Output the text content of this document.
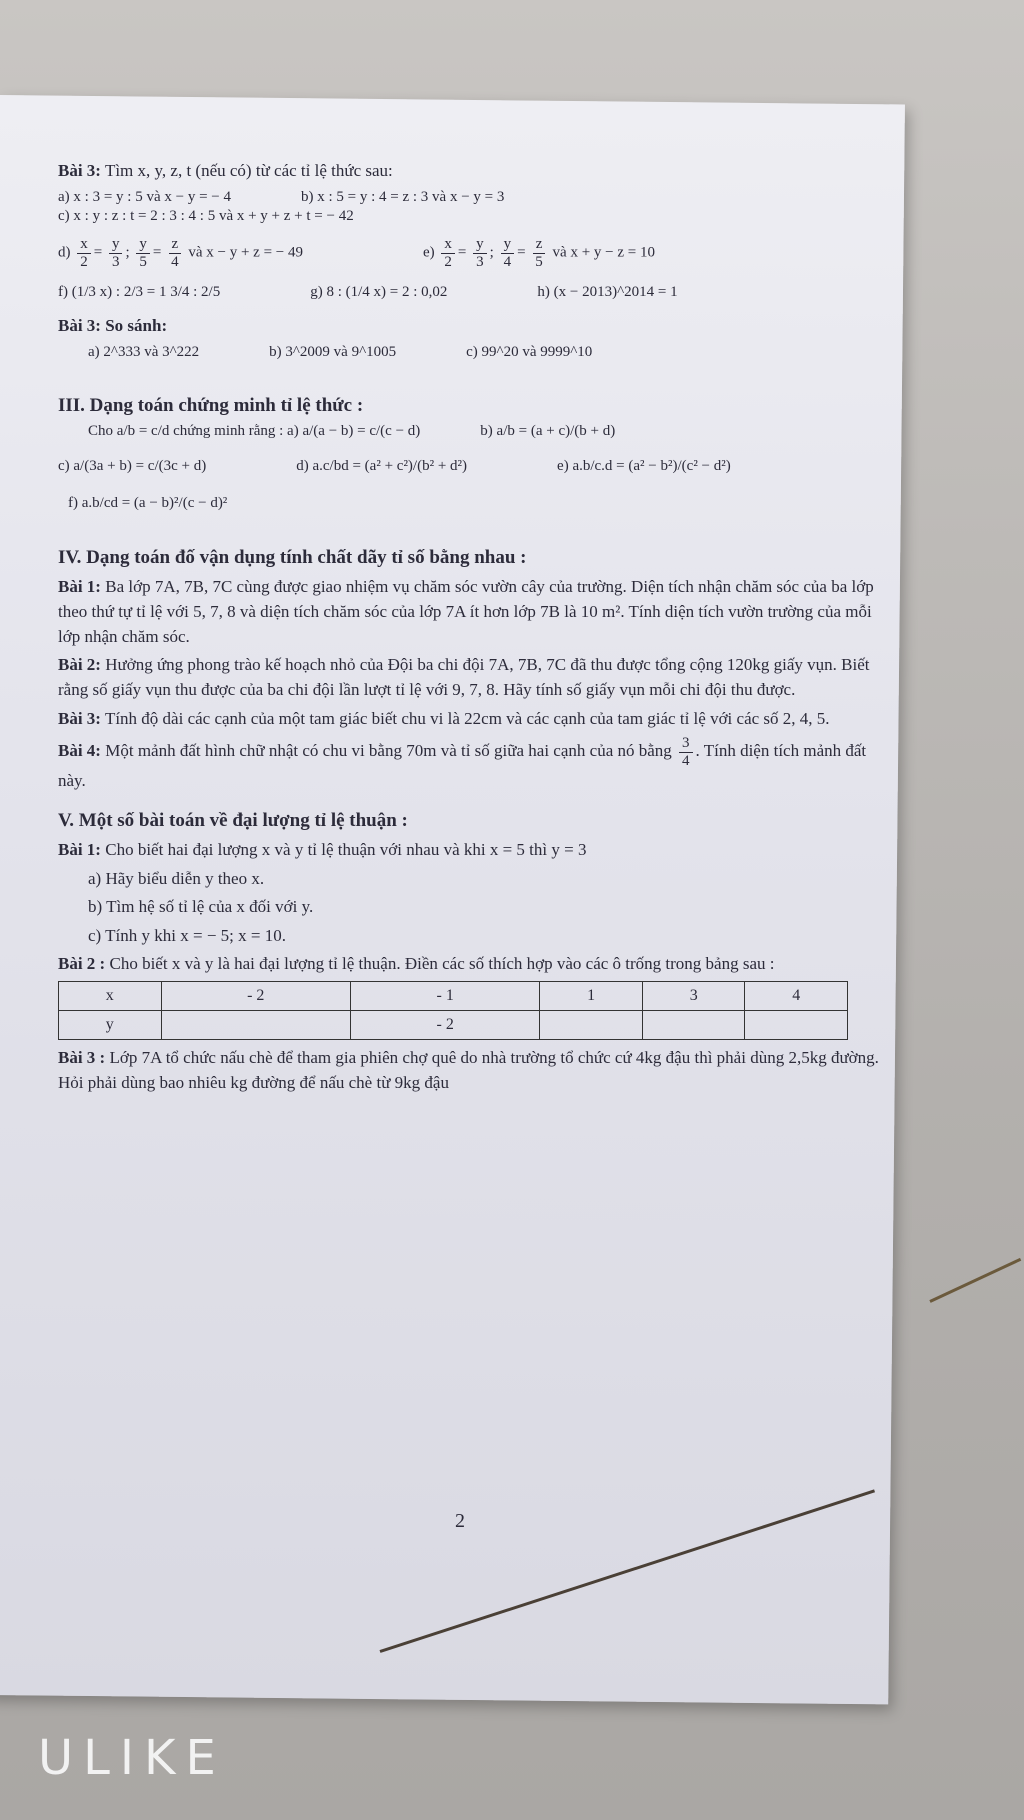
Bài 3: Tìm x, y, z, t (nếu có) từ các tỉ lệ thức sau:

a) x : 3 = y : 5 và x − y = − 4	b) x : 5 = y : 4 = z : 3 và x − y = 3

c) x : y : z : t = 2 : 3 : 4 : 5 và x + y + z + t = − 42

$d) \frac{x}{2} = \frac{y}{3}$ ; $\frac{y}{5} = \frac{z}{4}$ và x − y + z = − 49	$e) \frac{x}{2} = \frac{y}{3}$ ; $\frac{y}{4} = \frac{z}{5}$ và x + y − z = 10
f) (1/3 x) : 2/3 = 1 3/4 : 2/5	g) 8 : (1/4 x) = 2 : 0,02	h) (x − 2013)^2014 = 1

Bài 3: So sánh:

a) 2^333 và 3^222	b) 3^2009 và 9^1005	c) 99^20 và 9999^10

III. Dạng toán chứng minh tỉ lệ thức :

Cho a/b = c/d chứng minh rằng : a) a/(a − b) = c/(c − d)	b) a/b = (a + c)/(b + d)
c) a/(3a + b) = c/(3c + d)	d) a.c/bd = (a² + c²)/(b² + d²)	e) a.b/c.d = (a² − b²)/(c² − d²)

f) a.b/cd = (a − b)²/(c − d)²

IV. Dạng toán đố vận dụng tính chất dãy tỉ số bằng nhau :

Bài 1: Ba lớp 7A, 7B, 7C cùng được giao nhiệm vụ chăm sóc vườn cây của trường. Diện tích nhận chăm sóc của ba lớp theo thứ tự tỉ lệ với 5, 7, 8 và diện tích chăm sóc của lớp 7A ít hơn lớp 7B là 10 m². Tính diện tích vườn trường của mỗi lớp nhận chăm sóc.

Bài 2: Hưởng ứng phong trào kế hoạch nhỏ của Đội ba chi đội 7A, 7B, 7C đã thu được tổng cộng 120kg giấy vụn. Biết rằng số giấy vụn thu được của ba chi đội lần lượt tỉ lệ với 9, 7, 8. Hãy tính số giấy vụn mỗi chi đội thu được.

Bài 3: Tính độ dài các cạnh của một tam giác biết chu vi là 22cm và các cạnh của tam giác tỉ lệ với các số 2, 4, 5.

Bài 4: Một mảnh đất hình chữ nhật có chu vi bằng 70m và tỉ số giữa hai cạnh của nó bằng $\frac{3}{4}$ . Tính diện tích mảnh đất này.

V. Một số bài toán về đại lượng tỉ lệ thuận :

Bài 1: Cho biết hai đại lượng x và y tỉ lệ thuận với nhau và khi x = 5 thì y = 3

a) Hãy biểu diễn y theo x.

b) Tìm hệ số tỉ lệ của x đối với y.

c) Tính y khi x = − 5; x = 10.

Bài 2 : Cho biết x và y là hai đại lượng tỉ lệ thuận. Điền các số thích hợp vào các ô trống trong bảng sau :

x	- 2	- 1	1	3	4
y		- 2			

Bài 3 : Lớp 7A tổ chức nấu chè để tham gia phiên chợ quê do nhà trường tổ chức cứ 4kg đậu thì phải dùng 2,5kg đường. Hỏi phải dùng bao nhiêu kg đường để nấu chè từ 9kg đậu

2
ULIKE
